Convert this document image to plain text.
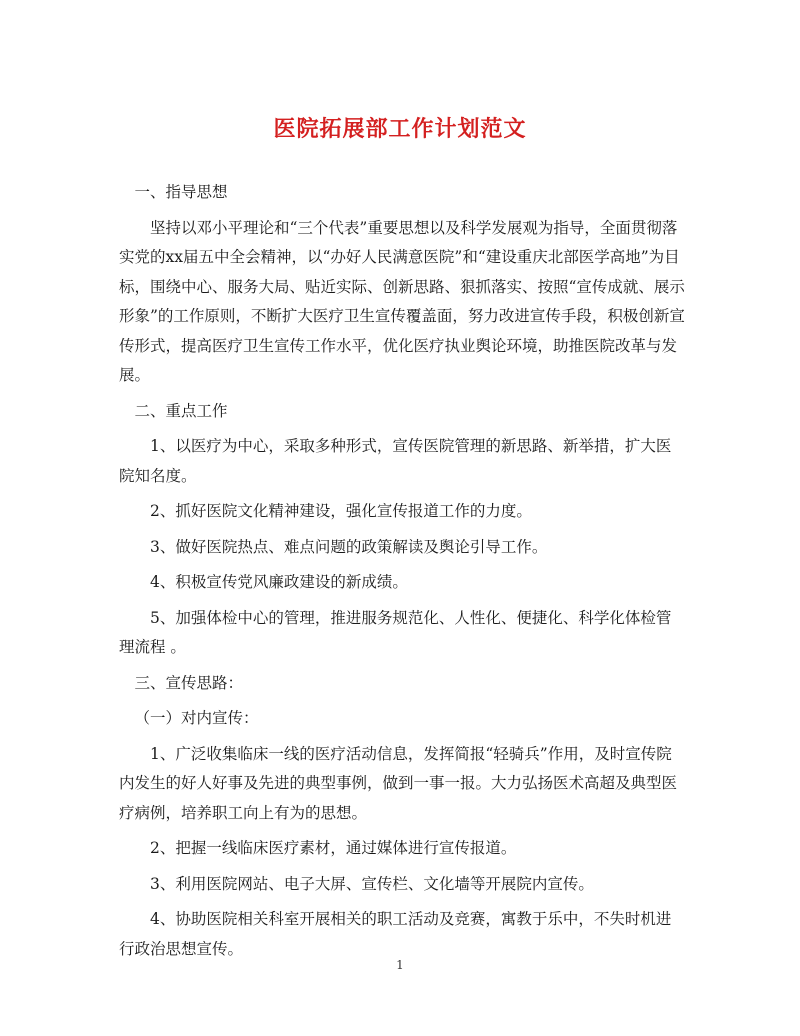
医院拓展部工作计划范文

一、指导思想

坚持以邓小平理论和“三个代表”重要思想以及科学发展观为指导，全面贯彻落实党的xx届五中全会精神，以“办好人民满意医院”和“建设重庆北部医学高地”为目标，围绕中心、服务大局、贴近实际、创新思路、狠抓落实、按照“宣传成就、展示形象”的工作原则，不断扩大医疗卫生宣传覆盖面，努力改进宣传手段，积极创新宣传形式，提高医疗卫生宣传工作水平，优化医疗执业舆论环境，助推医院改革与发展。

二、重点工作

1、以医疗为中心，采取多种形式，宣传医院管理的新思路、新举措，扩大医院知名度。

2、抓好医院文化精神建设，强化宣传报道工作的力度。

3、做好医院热点、难点问题的政策解读及舆论引导工作。

4、积极宣传党风廉政建设的新成绩。

5、加强体检中心的管理，推进服务规范化、人性化、便捷化、科学化体检管理流程 。

三、宣传思路：

（一）对内宣传：

1、广泛收集临床一线的医疗活动信息，发挥简报“轻骑兵”作用，及时宣传院内发生的好人好事及先进的典型事例，做到一事一报。大力弘扬医术高超及典型医疗病例，培养职工向上有为的思想。

2、把握一线临床医疗素材，通过媒体进行宣传报道。

3、利用医院网站、电子大屏、宣传栏、文化墙等开展院内宣传。

4、协助医院相关科室开展相关的职工活动及竞赛，寓教于乐中，不失时机进行政治思想宣传。

1
